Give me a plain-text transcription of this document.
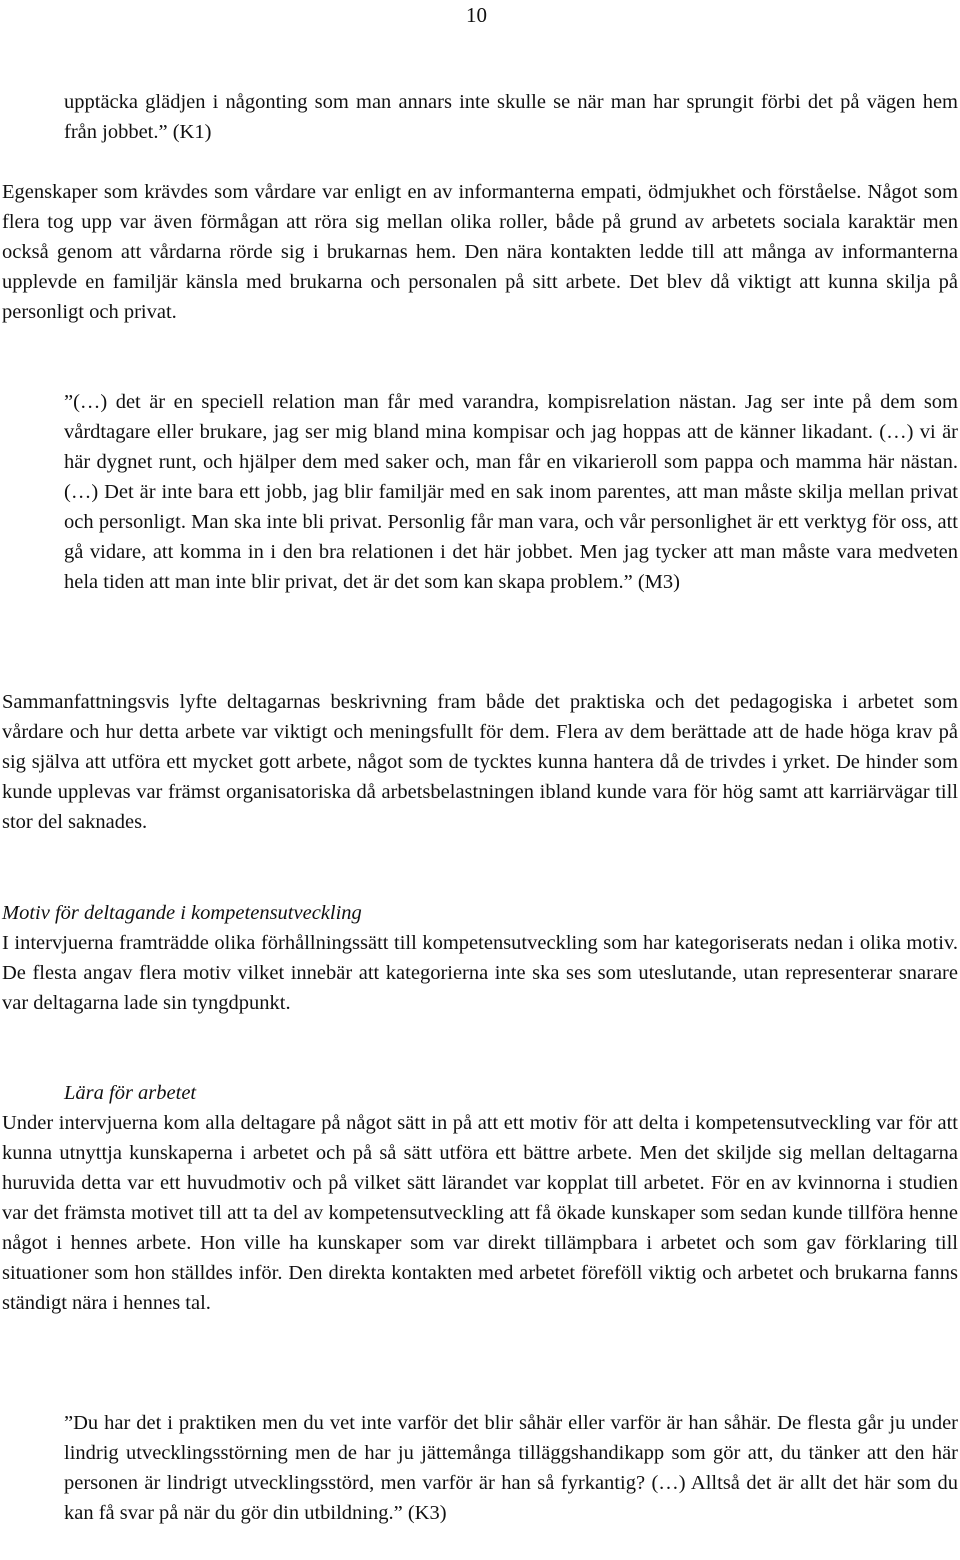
10

upptäcka glädjen i någonting som man annars inte skulle se när man har sprungit förbi det på vägen hem från jobbet.” (K1)

Egenskaper som krävdes som vårdare var enligt en av informanterna empati, ödmjukhet och förståelse. Något som flera tog upp var även förmågan att röra sig mellan olika roller, både på grund av arbetets sociala karaktär men också genom att vårdarna rörde sig i brukarnas hem. Den nära kontakten ledde till att många av informanterna upplevde en familjär känsla med brukarna och personalen på sitt arbete. Det blev då viktigt att kunna skilja på personligt och privat.

”(…) det är en speciell relation man får med varandra, kompisrelation nästan. Jag ser inte på dem som vårdtagare eller brukare, jag ser mig bland mina kompisar och jag hoppas att de känner likadant. (…) vi är här dygnet runt, och hjälper dem med saker och, man får en vikarieroll som pappa och mamma här nästan. (…) Det är inte bara ett jobb, jag blir familjär med en sak inom parentes, att man måste skilja mellan privat och personligt. Man ska inte bli privat. Personlig får man vara, och vår personlighet är ett verktyg för oss, att gå vidare, att komma in i den bra relationen i det här jobbet. Men jag tycker att man måste vara medveten hela tiden att man inte blir privat, det är det som kan skapa problem.” (M3)

Sammanfattningsvis lyfte deltagarnas beskrivning fram både det praktiska och det pedagogiska i arbetet som vårdare och hur detta arbete var viktigt och meningsfullt för dem. Flera av dem berättade att de hade höga krav på sig själva att utföra ett mycket gott arbete, något som de tycktes kunna hantera då de trivdes i yrket. De hinder som kunde upplevas var främst organisatoriska då arbetsbelastningen ibland kunde vara för hög samt att karriärvägar till stor del saknades.

Motiv för deltagande i kompetensutveckling

I intervjuerna framträdde olika förhållningssätt till kompetensutveckling som har kategoriserats nedan i olika motiv. De flesta angav flera motiv vilket innebär att kategorierna inte ska ses som uteslutande, utan representerar snarare var deltagarna lade sin tyngdpunkt.

Lära för arbetet

Under intervjuerna kom alla deltagare på något sätt in på att ett motiv för att delta i kompetensutveckling var för att kunna utnyttja kunskaperna i arbetet och på så sätt utföra ett bättre arbete. Men det skiljde sig mellan deltagarna huruvida detta var ett huvudmotiv och på vilket sätt lärandet var kopplat till arbetet. För en av kvinnorna i studien var det främsta motivet till att ta del av kompetensutveckling att få ökade kunskaper som sedan kunde tillföra henne något i hennes arbete. Hon ville ha kunskaper som var direkt tillämpbara i arbetet och som gav förklaring till situationer som hon ställdes inför. Den direkta kontakten med arbetet föreföll viktig och arbetet och brukarna fanns ständigt nära i hennes tal.

”Du har det i praktiken men du vet inte varför det blir såhär eller varför är han såhär. De flesta går ju under lindrig utvecklingsstörning men de har ju jättemånga tilläggshandikapp som gör att, du tänker att den här personen är lindrigt utvecklingsstörd, men varför är han så fyrkantig? (…) Alltså det är allt det här som du kan få svar på när du gör din utbildning.” (K3)
